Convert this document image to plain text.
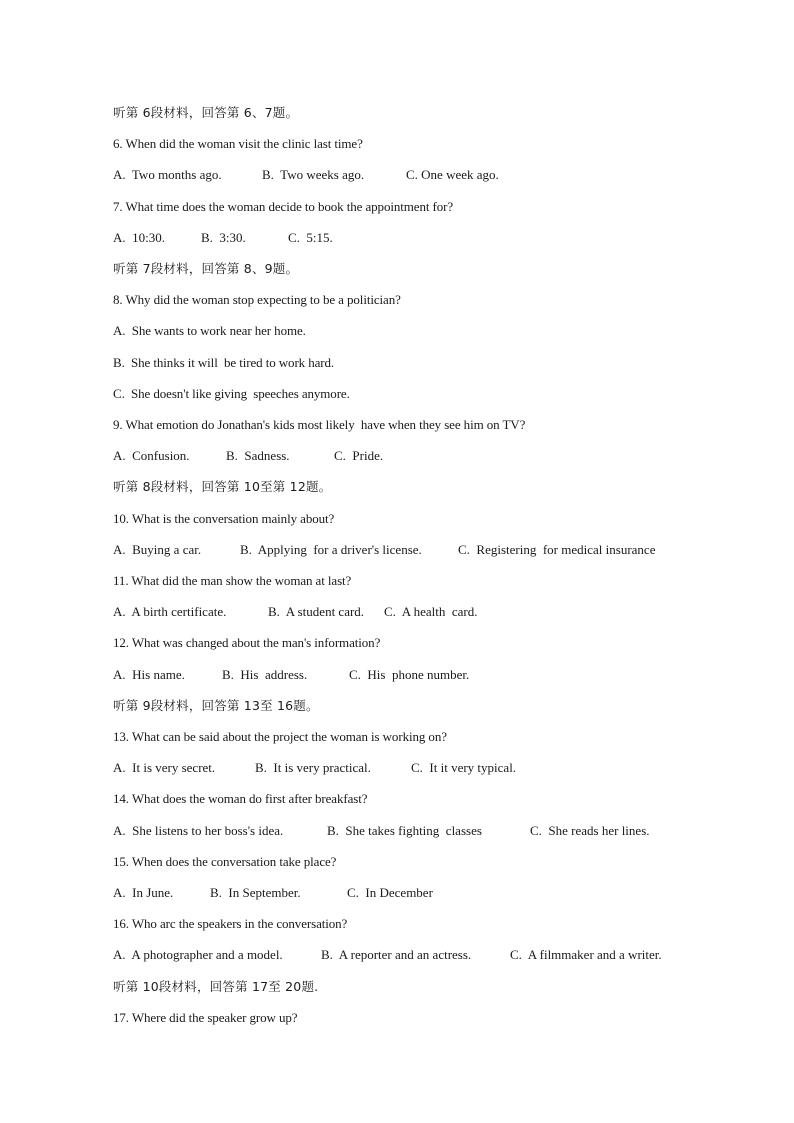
听第 6段材料，回答第 6、7题。
6. When did the woman visit the clinic last time?
A.  Two months ago.	B.  Two weeks ago.	C. One week ago.
7. What time does the woman decide to book the appointment for?
A.  10:30.	B.  3:30.	C.  5:15.
听第 7段材料，回答第 8、9题。
8. Why did the woman stop expecting to be a politician?
A.  She wants to work near her home.
B.  She thinks it will  be tired to work hard.
C.  She doesn't like giving  speeches anymore.
9. What emotion do Jonathan's kids most likely  have when they see him on TV?
A.  Confusion.	B.  Sadness.	C.  Pride.
听第 8段材料，回答第 10至第 12题。
10. What is the conversation mainly about?
A.  Buying a car.	B.  Applying  for a driver's license.	C.  Registering  for medical insurance
11. What did the man show the woman at last?
A.  A birth certificate.	B.  A student card. C.  A health  card.
12. What was changed about the man's information?
A.  His name.	B.  His  address.	C.  His  phone number.
听第 9段材料，回答第 13至 16题。
13. What can be said about the project the woman is working on?
A.  It is very secret.	B.  It is very practical.	C.  It it very typical.
14. What does the woman do first after breakfast?
A.  She listens to her boss's idea.	B.  She takes fighting  classes	C.  She reads her lines.
15. When does the conversation take place?
A.  In June.	B.  In September.	C.  In December
16. Who arc the speakers in the conversation?
A.  A photographer and a model.	B.  A reporter and an actress.	C.  A filmmaker and a writer.
听第 10段材料，回答第 17至 20题.
17. Where did the speaker grow up?
